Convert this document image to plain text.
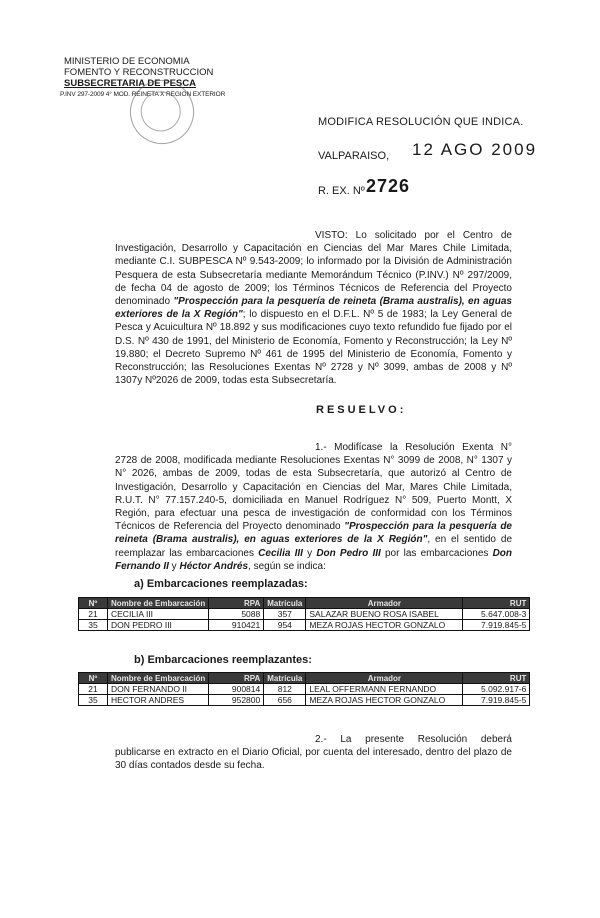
MINISTERIO DE ECONOMIA
FOMENTO Y RECONSTRUCCION
SUBSECRETARIA DE PESCA
P.INV 297-2009 4° MOD. REINETA X REGION EXTERIOR
MODIFICA RESOLUCIÓN QUE INDICA.
12 AGO 2009
VALPARAISO,
R. EX. Nº 2726
VISTO: Lo solicitado por el Centro de Investigación, Desarrollo y Capacitación en Ciencias del Mar Mares Chile Limitada, mediante C.I. SUBPESCA Nº 9.543-2009; lo informado por la División de Administración Pesquera de esta Subsecretaría mediante Memorándum Técnico (P.INV.) Nº 297/2009, de fecha 04 de agosto de 2009; los Términos Técnicos de Referencia del Proyecto denominado "Prospección para la pesquería de reineta (Brama australis), en aguas exteriores de la X Región"; lo dispuesto en el D.F.L. Nº 5 de 1983; la Ley General de Pesca y Acuicultura Nº 18.892 y sus modificaciones cuyo texto refundido fue fijado por el D.S. Nº 430 de 1991, del Ministerio de Economía, Fomento y Reconstrucción; la Ley Nº 19.880; el Decreto Supremo Nº 461 de 1995 del Ministerio de Economía, Fomento y Reconstrucción; las Resoluciones Exentas Nº 2728 y Nº 3099, ambas de 2008 y Nº 1307y Nº2026 de 2009, todas esta Subsecretaría.
RESUELVO:
1.- Modifícase la Resolución Exenta N° 2728 de 2008, modificada mediante Resoluciones Exentas N° 3099 de 2008, N° 1307 y N° 2026, ambas de 2009, todas de esta Subsecretaría, que autorizó al Centro de Investigación, Desarrollo y Capacitación en Ciencias del Mar, Mares Chile Limitada, R.U.T. N° 77.157.240-5, domiciliada en Manuel Rodríguez N° 509, Puerto Montt, X Región, para efectuar una pesca de investigación de conformidad con los Términos Técnicos de Referencia del Proyecto denominado "Prospección para la pesquería de reineta (Brama australis), en aguas exteriores de la X Región", en el sentido de reemplazar las embarcaciones Cecilia III y Don Pedro III por las embarcaciones Don Fernando II y Héctor Andrés, según se indica:
a) Embarcaciones reemplazadas:
Nº	Nombre de Embarcación	RPA	Matrícula	Armador	RUT
21	CECILIA III	5088	357	SALAZAR BUENO ROSA ISABEL	5.647.008-3
35	DON PEDRO III	910421	954	MEZA ROJAS HECTOR GONZALO	7.919.845-5
b) Embarcaciones reemplazantes:
Nº	Nombre de Embarcación	RPA	Matrícula	Armador	RUT
21	DON FERNANDO II	900814	812	LEAL OFFERMANN FERNANDO	5.092.917-6
35	HECTOR ANDRES	952800	656	MEZA ROJAS HECTOR GONZALO	7.919.845-5
2.- La presente Resolución deberá publicarse en extracto en el Diario Oficial, por cuenta del interesado, dentro del plazo de 30 días contados desde su fecha.
